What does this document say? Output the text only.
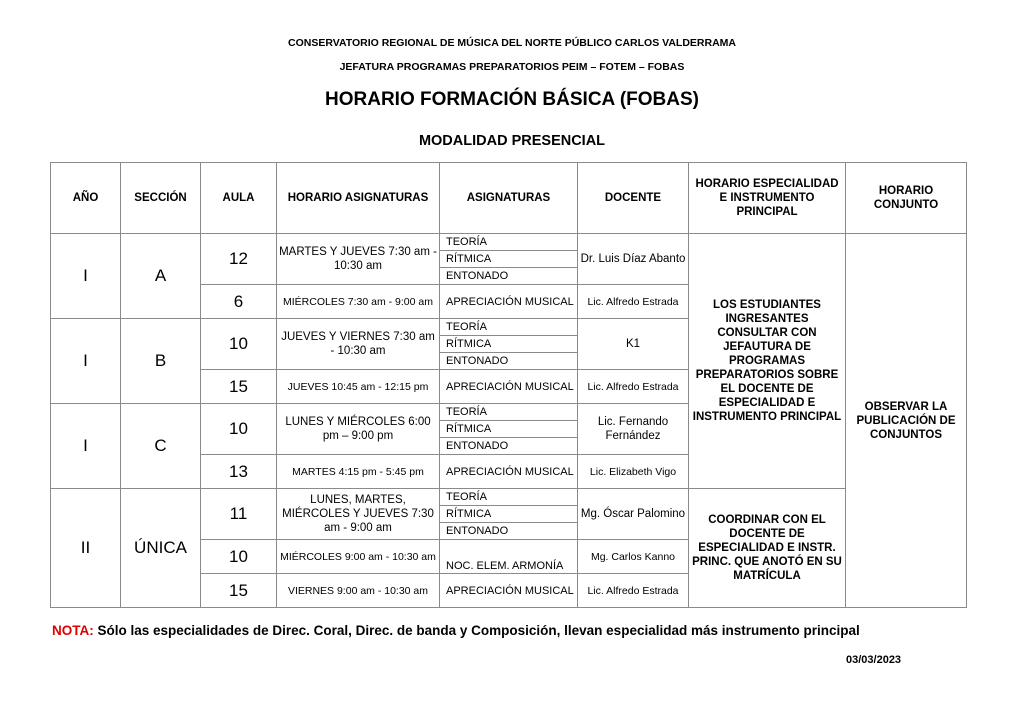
CONSERVATORIO REGIONAL DE MÚSICA DEL NORTE PÚBLICO CARLOS VALDERRAMA
JEFATURA PROGRAMAS PREPARATORIOS PEIM – FOTEM – FOBAS
HORARIO FORMACIÓN BÁSICA (FOBAS)
MODALIDAD PRESENCIAL
AÑO	SECCIÓN	AULA	HORARIO ASIGNATURAS	ASIGNATURAS	DOCENTE	HORARIO ESPECIALIDAD E INSTRUMENTO PRINCIPAL	HORARIO CONJUNTO
I	A	12	MARTES Y JUEVES 7:30 am - 10:30 am	TEORÍA	Dr. Luis Díaz Abanto	LOS ESTUDIANTES INGRESANTES CONSULTAR CON JEFAUTURA DE PROGRAMAS PREPARATORIOS SOBRE EL DOCENTE DE ESPECIALIDAD E INSTRUMENTO PRINCIPAL	OBSERVAR LA PUBLICACIÓN DE CONJUNTOS
				RÍTMICA			
				ENTONADO			
		6	MIÉRCOLES 7:30 am - 9:00 am	APRECIACIÓN MUSICAL	Lic. Alfredo Estrada		

I	B	10	JUEVES Y VIERNES 7:30 am - 10:30 am	TEORÍA	K1		
				RÍTMICA			
				ENTONADO			
		15	JUEVES 10:45 am - 12:15 pm	APRECIACIÓN MUSICAL	Lic. Alfredo Estrada		

I	C	10	LUNES Y MIÉRCOLES 6:00 pm – 9:00 pm	TEORÍA	Lic. Fernando Fernández		
				RÍTMICA			
				ENTONADO			
		13	MARTES 4:15 pm - 5:45 pm	APRECIACIÓN MUSICAL	Lic. Elizabeth Vigo		

II	ÚNICA	11	LUNES, MARTES, MIÉRCOLES Y JUEVES 7:30 am - 9:00 am	TEORÍA	Mg. Óscar Palomino	COORDINAR CON EL DOCENTE DE ESPECIALIDAD E INSTR. PRINC. QUE ANOTÓ EN SU MATRÍCULA	
				RÍTMICA			

				ENTONADO			

		10	MIÉRCOLES 9:00 am - 10:30 am	NOC. ELEM. ARMONÍA	Mg. Carlos Kanno		

		15	VIERNES 9:00 am - 10:30 am	APRECIACIÓN MUSICAL	Lic. Alfredo Estrada		

NOTA: Sólo las especialidades de Direc. Coral, Direc. de banda y Composición, llevan especialidad más instrumento principal
03/03/2023
